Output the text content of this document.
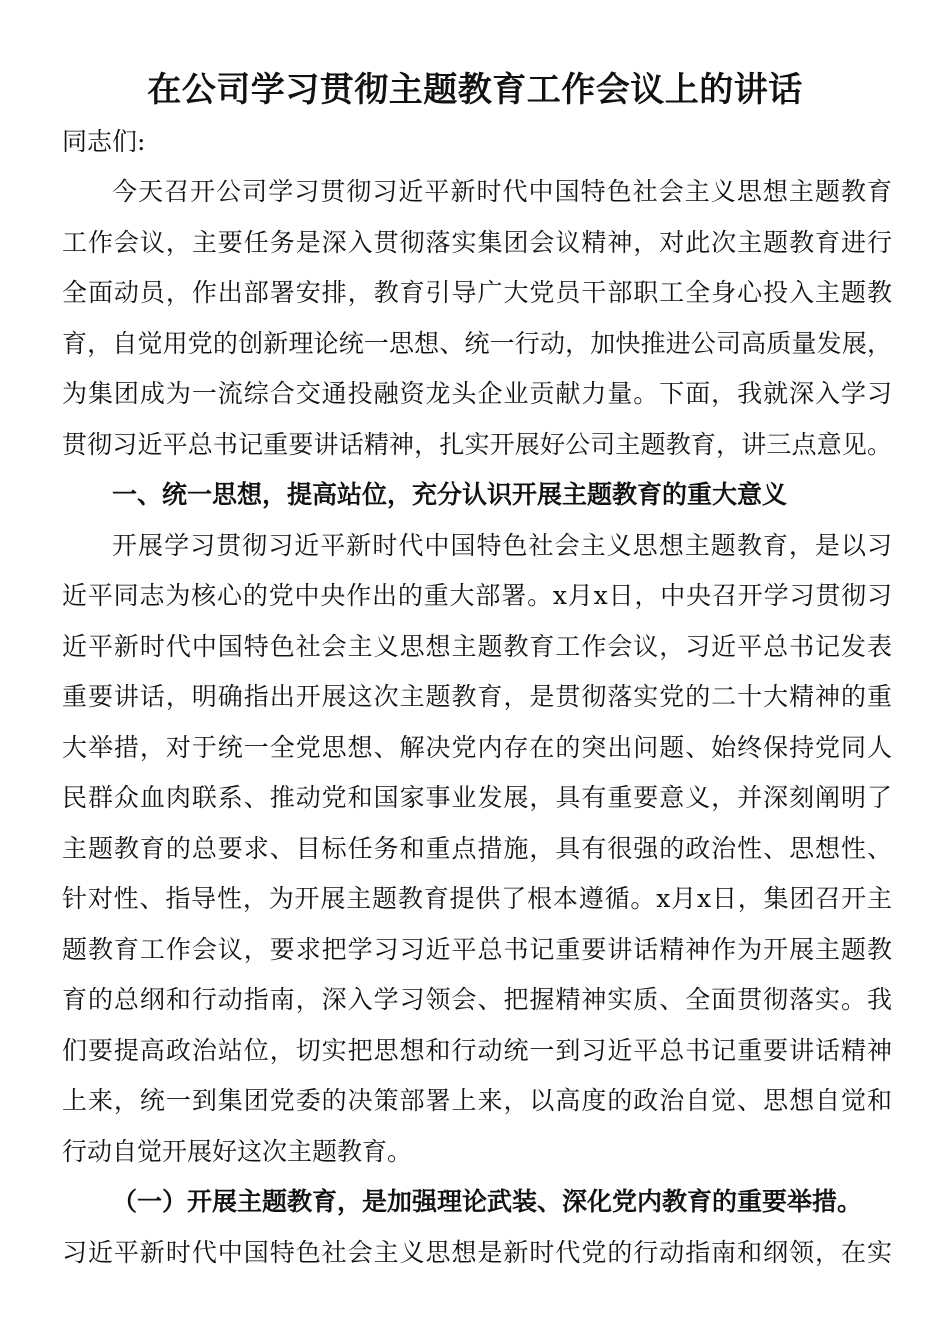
在公司学习贯彻主题教育工作会议上的讲话
同志们:
今天召开公司学习贯彻习近平新时代中国特色社会主义思想主题教育
工作会议，主要任务是深入贯彻落实集团会议精神，对此次主题教育进行
全面动员，作出部署安排，教育引导广大党员干部职工全身心投入主题教
育，自觉用党的创新理论统一思想、统一行动，加快推进公司高质量发展，
为集团成为一流综合交通投融资龙头企业贡献力量。下面，我就深入学习
贯彻习近平总书记重要讲话精神，扎实开展好公司主题教育，讲三点意见。
一、统一思想，提高站位，充分认识开展主题教育的重大意义
开展学习贯彻习近平新时代中国特色社会主义思想主题教育，是以习
近平同志为核心的党中央作出的重大部署。x月x日，中央召开学习贯彻习
近平新时代中国特色社会主义思想主题教育工作会议，习近平总书记发表
重要讲话，明确指出开展这次主题教育，是贯彻落实党的二十大精神的重
大举措，对于统一全党思想、解决党内存在的突出问题、始终保持党同人
民群众血肉联系、推动党和国家事业发展，具有重要意义，并深刻阐明了
主题教育的总要求、目标任务和重点措施，具有很强的政治性、思想性、
针对性、指导性，为开展主题教育提供了根本遵循。x月x日，集团召开主
题教育工作会议，要求把学习习近平总书记重要讲话精神作为开展主题教
育的总纲和行动指南，深入学习领会、把握精神实质、全面贯彻落实。我
们要提高政治站位，切实把思想和行动统一到习近平总书记重要讲话精神
上来，统一到集团党委的决策部署上来，以高度的政治自觉、思想自觉和
行动自觉开展好这次主题教育。
（一）开展主题教育，是加强理论武装、深化党内教育的重要举措。
习近平新时代中国特色社会主义思想是新时代党的行动指南和纲领，在实
